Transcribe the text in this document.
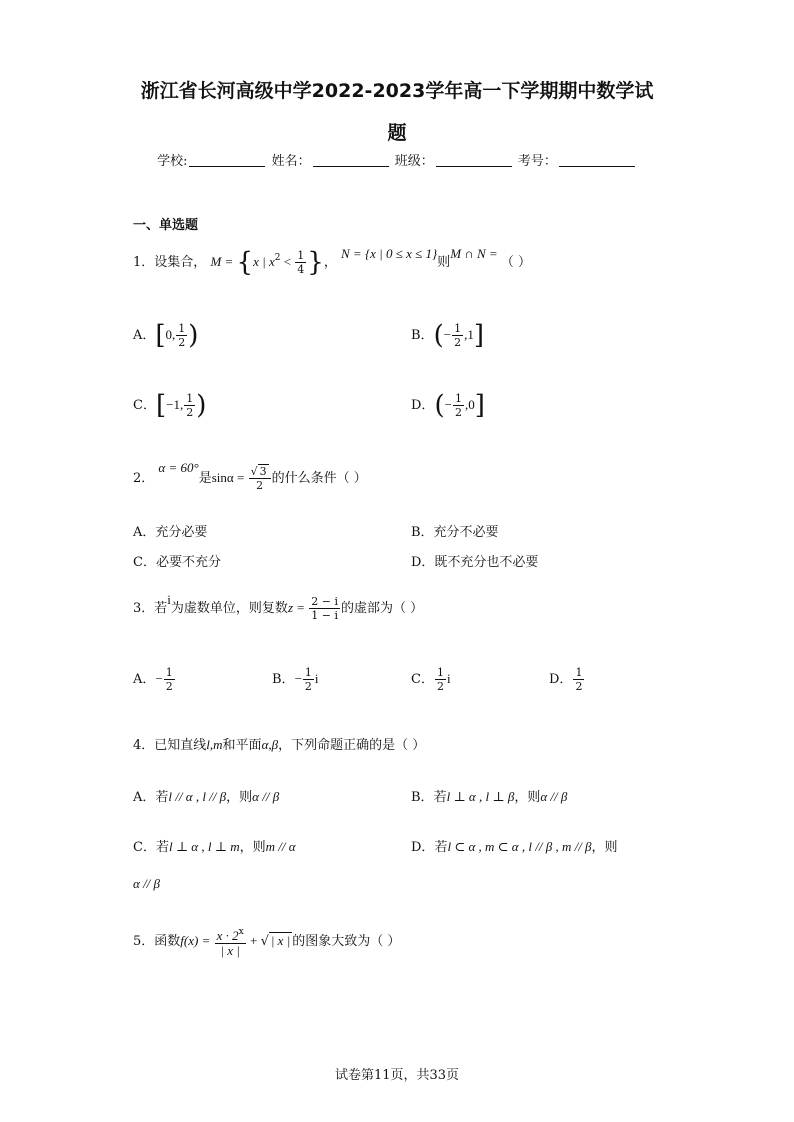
浙江省长河高级中学2022-2023学年高一下学期期中数学试
题
学校:	姓名：	班级：	考号：
一、单选题
1．设集合， M = {x | $x^2 < \frac{1}{4}$ }， N = {x | 0 ≤ x ≤ 1}则M ∩ N = （ ）
A．[0, $\frac{1}{2}$ )	B．(− $\frac{1}{2} ,1$]
C．[−1, $\frac{1}{2}$ )	D．(− $\frac{1}{2} ,0$]
2． α = 60°是$\sin\alpha = \frac{√ 3}{2}$ 的什么条件（ ）
A．充分必要	B．充分不必要
C．必要不充分	D．既不充分也不必要
3．若i为虚数单位，则复数$z = \frac{2 - i}{1 - i}$ 的虚部为（ ）
A．− $\frac{1}{2}$	B．− $\frac{1}{2}$ i	C． $\frac{1}{2}$ i	D． $\frac{1}{2}$
4．已知直线l,m和平面α,β，下列命题正确的是（ ）
A．若l // α , l // β，则α // β	B．若l ⊥ α , l ⊥ β，则α // β
C．若l ⊥ α , l ⊥ m，则m // α	D．若l ⊂ α , m ⊂ α , l // β , m // β，则
α // β
5．函数$f(x) = \frac{x \cdot 2^x}{| x |}$ + √ | x | 的图象大致为（ ）
试卷第11页，共33页
